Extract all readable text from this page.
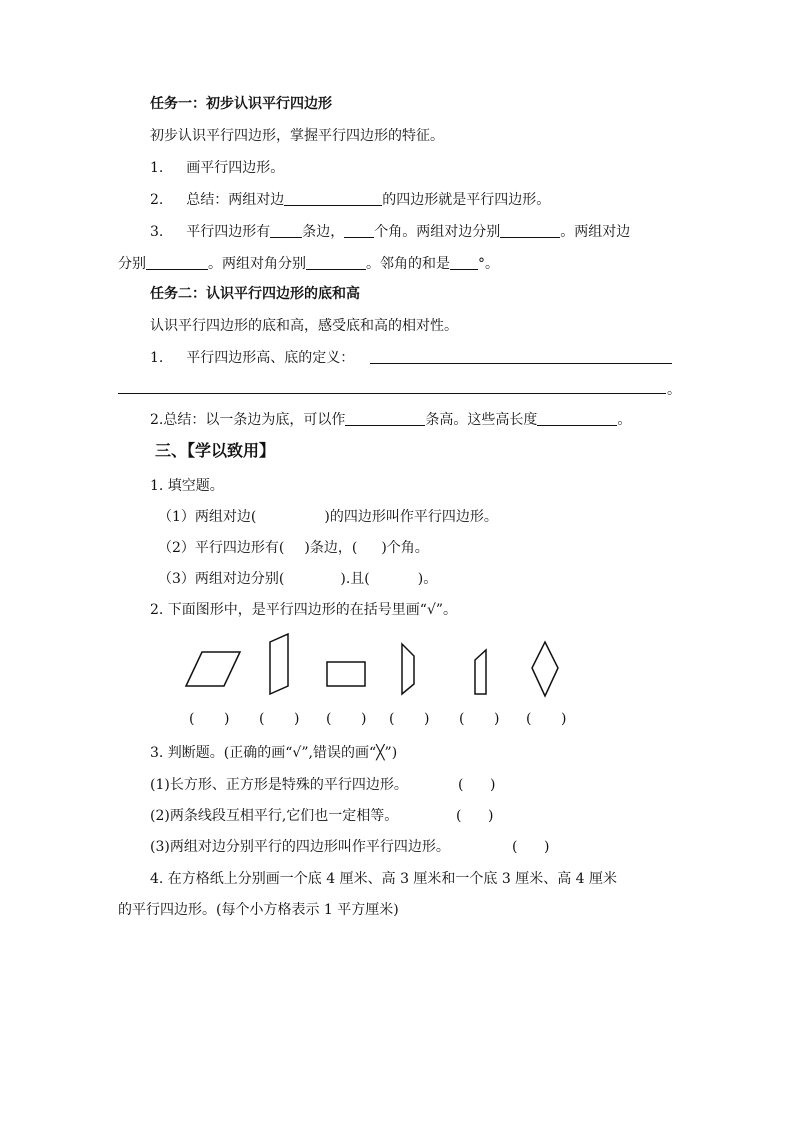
任务一：初步认识平行四边形
初步认识平行四边形，掌握平行四边形的特征。
1. 画平行四边形。
2. 总结：两组对边	的四边形就是平行四边形。
3. 平行四边形有 条边， 个角。两组对边分别	。两组对边
分别	。两组对角分别	。邻角的和是 °。
任务二：认识平行四边形的底和高
认识平行四边形的底和高，感受底和高的相对性。
1. 平行四边形高、底的定义：
。
2.总结：以一条边为底，可以作	条高。这些高长度	。
三、【学以致用】
1. 填空题。
（1）两组对边(	)的四边形叫作平行四边形。
（2）平行四边形有( )条边，( )个角。
（3）两组对边分别(	).且(	)。
2. 下面图形中，是平行四边形的在括号里画“√”。
( ) ( ) ( ) ( ) ( ) ( )
3. 判断题。(正确的画“√”,错误的画“╳”)
(1)长方形、正方形是特殊的平行四边形。	( )
(2)两条线段互相平行,它们也一定相等。	( )
(3)两组对边分别平行的四边形叫作平行四边形。	( )
4. 在方格纸上分别画一个底 4 厘米、高 3 厘米和一个底 3 厘米、高 4 厘米
的平行四边形。(每个小方格表示 1 平方厘米)
